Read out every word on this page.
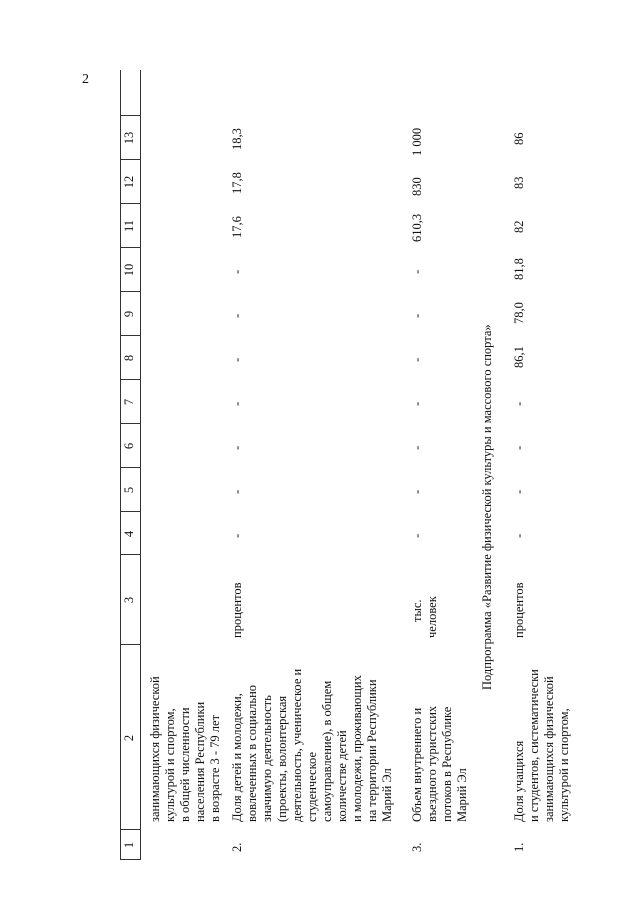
2
1
2
3
4
5
6
7
8
9
10
11
12
13
занимающихся физической культурой и спортом, в общей численности населения Республики в возрасте 3 - 79 лет
2.
Доля детей и молодежи, вовлеченных в социально значимую деятельность (проекты, волонтерская деятельность, ученическое и студенческое самоуправление), в общем количестве детей и молодежи, проживающих на территории Республики Марий Эл
процентов
-
-
-
-
-
-
-
17,6
17,8
18,3
3.
Объем внутреннего и въездного туристских потоков в Республике Марий Эл
тыс. человек
-
-
-
-
-
-
-
610,3
830
1 000
Подпрограмма «Развитие физической культуры и массового спорта»
1.
Доля учащихся и студентов, систематически занимающихся физической культурой и спортом,
процентов
-
-
-
-
86,1
78,0
81,8
82
83
86
